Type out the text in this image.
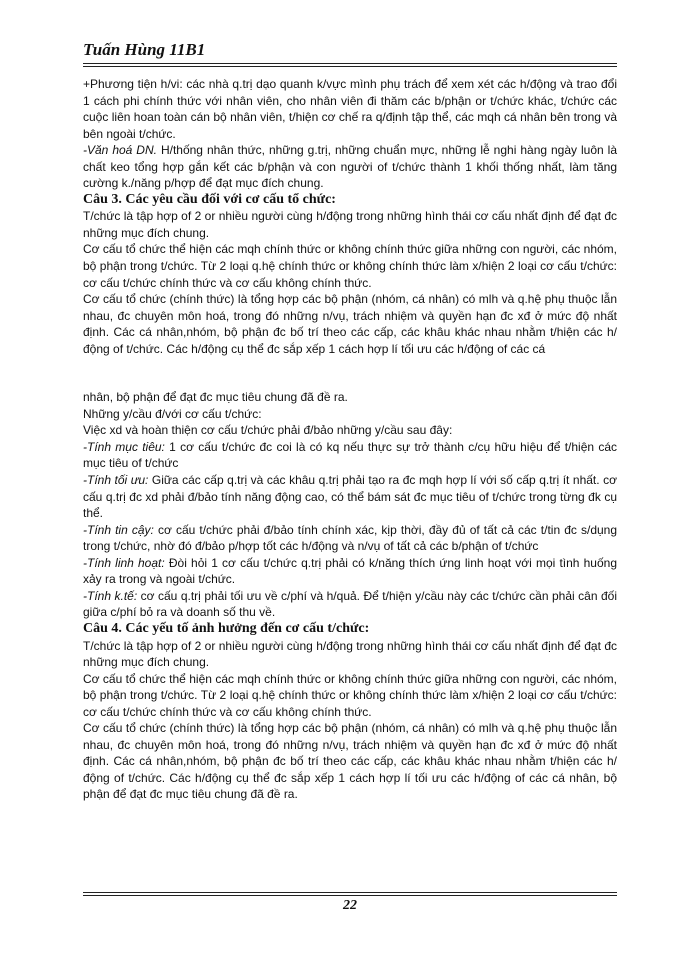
Tuấn Hùng 11B1

+Phương tiện h/vi: các nhà q.trị dạo quanh k/vực mình phụ trách để xem xét các h/động và trao đổi 1 cách phi chính thức với nhân viên, cho nhân viên đi thăm các b/phận or t/chức khác, t/chức các cuộc liên hoan toàn cán bộ nhân viên, t/hiện cơ chế ra q/định tập thể, các mqh cá nhân bên trong và bên ngoài t/chức.

-Văn hoá DN. H/thống nhân thức, những g.trị, những chuẩn mực, những lễ nghi hàng ngày luôn là chất keo tổng hợp gắn kết các b/phận và con người of t/chức thành 1 khối thống nhất, làm tăng cường k./năng p/hợp để đạt mục đích chung.

Câu 3. Các yêu cầu đối với cơ cấu tổ chức:

T/chức là tập hợp of 2 or nhiều người cùng h/động trong những hình thái cơ cấu nhất định để đạt đc những mục đích chung.

Cơ cấu tổ chức thể hiện các mqh chính thức or không chính thức giữa những con người, các nhóm, bộ phận trong t/chức. Từ 2 loại q.hệ chính thức or không chính thức làm x/hiện 2 loại cơ cấu t/chức: cơ cấu t/chức chính thức và cơ cấu không chính thức.

Cơ cấu tổ chức (chính thức) là tổng hợp các bộ phận (nhóm, cá nhân) có mlh và q.hệ phụ thuộc lẫn nhau, đc chuyên môn hoá, trong đó những n/vụ, trách nhiệm và quyền hạn đc xđ ở mức độ nhất định. Các cá nhân,nhóm, bộ phận đc bố trí theo các cấp, các khâu khác nhau nhằm t/hiện các h/động of t/chức. Các h/động cụ thể đc sắp xếp 1 cách hợp lí tối ưu các h/động of các cá

nhân, bộ phận để đạt đc mục tiêu chung đã đề ra.

Những y/cầu đ/với cơ cấu t/chức:

Việc xd và hoàn thiện cơ cấu t/chức phải đ/bảo những y/cầu sau đây:

-Tính mục tiêu: 1 cơ cấu t/chức đc coi là có kq nếu thực sự trở thành c/cụ hữu hiệu để t/hiện các mục tiêu of t/chức

-Tính tối ưu: Giữa các cấp q.trị và các khâu q.trị phải tạo ra đc mqh hợp lí với số cấp q.trị ít nhất. cơ cấu q.trị đc xd phải đ/bảo tính năng động cao, có thể bám sát đc mục tiêu of t/chức trong từng đk cụ thể.

-Tính tin cậy: cơ cấu t/chức phải đ/bảo tính chính xác, kịp thời, đầy đủ of tất cả các t/tin đc s/dụng trong t/chức, nhờ đó đ/bảo p/hợp tốt các h/động và n/vụ of tất cả các b/phận of t/chức

-Tính linh hoạt: Đòi hỏi 1 cơ cấu t/chức q.trị phải có k/năng thích ứng linh hoạt với mọi tình huống xảy ra trong và ngoài t/chức.

-Tính k.tế: cơ cấu q.trị phải tối ưu về c/phí và h/quả. Để t/hiện y/cầu này các t/chức cần phải cân đối giữa c/phí bỏ ra và doanh số thu về.

Câu 4. Các yếu tố ảnh hưởng đến cơ cấu t/chức:

T/chức là tập hợp of 2 or nhiều người cùng h/động trong những hình thái cơ cấu nhất định để đạt đc những mục đích chung.

Cơ cấu tổ chức thể hiện các mqh chính thức or không chính thức giữa những con người, các nhóm, bộ phận trong t/chức. Từ 2 loại q.hệ chính thức or không chính thức làm x/hiện 2 loại cơ cấu t/chức: cơ cấu t/chức chính thức và cơ cấu không chính thức.

Cơ cấu tổ chức (chính thức) là tổng hợp các bộ phận (nhóm, cá nhân) có mlh và q.hệ phụ thuộc lẫn nhau, đc chuyên môn hoá, trong đó những n/vụ, trách nhiệm và quyền hạn đc xđ ở mức độ nhất định. Các cá nhân,nhóm, bộ phận đc bố trí theo các cấp, các khâu khác nhau nhằm t/hiện các h/động of t/chức. Các h/động cụ thể đc sắp xếp 1 cách hợp lí tối ưu các h/động of các cá nhân, bộ phận để đạt đc mục tiêu chung đã đề ra.

22
